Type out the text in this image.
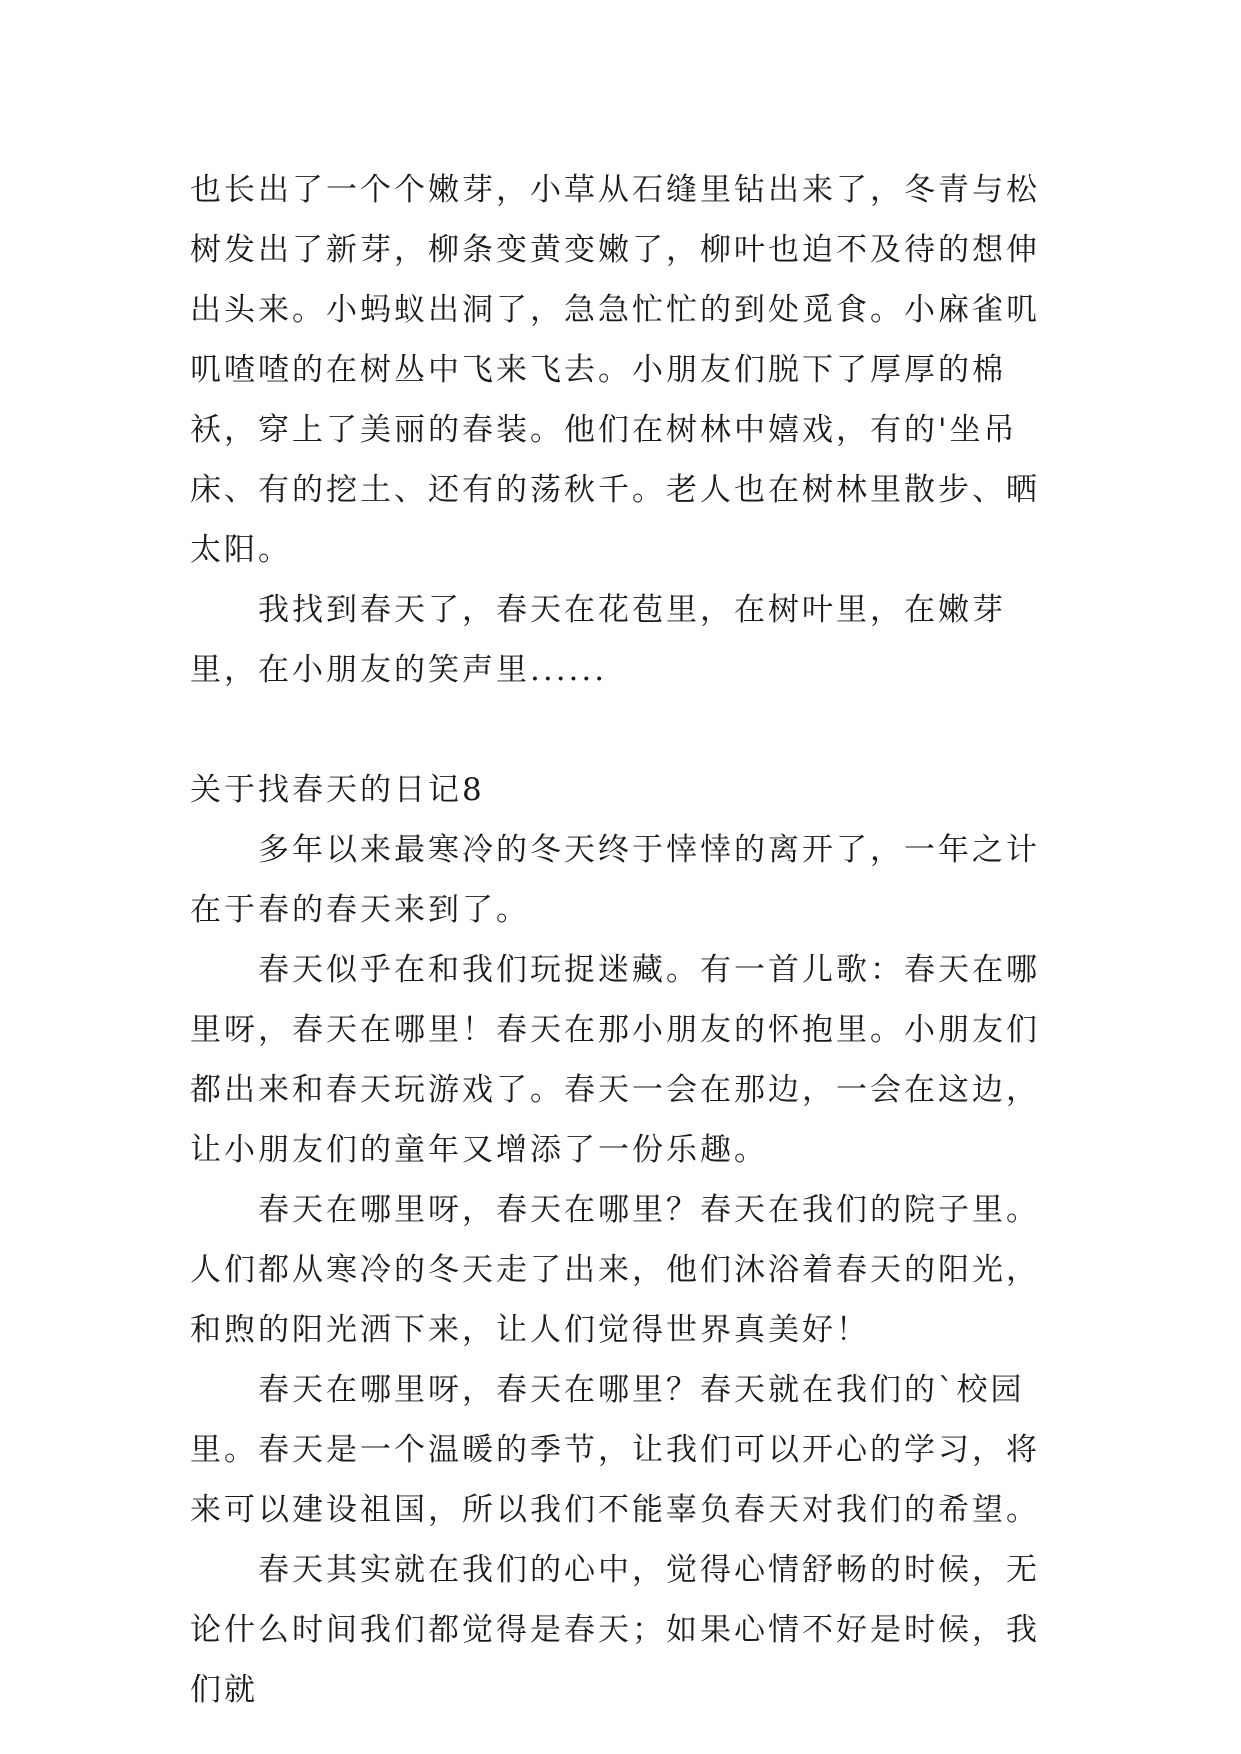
也长出了一个个嫩芽，小草从石缝里钻出来了，冬青与松树发出了新芽，柳条变黄变嫩了，柳叶也迫不及待的想伸出头来。小蚂蚁出洞了，急急忙忙的到处觅食。小麻雀叽叽喳喳的在树丛中飞来飞去。小朋友们脱下了厚厚的棉袄，穿上了美丽的春装。他们在树林中嬉戏，有的'坐吊床、有的挖土、还有的荡秋千。老人也在树林里散步、晒太阳。

我找到春天了，春天在花苞里，在树叶里，在嫩芽里，在小朋友的笑声里......

关于找春天的日记8

多年以来最寒冷的冬天终于悻悻的离开了，一年之计在于春的春天来到了。

春天似乎在和我们玩捉迷藏。有一首儿歌：春天在哪里呀，春天在哪里！春天在那小朋友的怀抱里。小朋友们都出来和春天玩游戏了。春天一会在那边，一会在这边，让小朋友们的童年又增添了一份乐趣。

春天在哪里呀，春天在哪里？春天在我们的院子里。人们都从寒冷的冬天走了出来，他们沐浴着春天的阳光，和煦的阳光洒下来，让人们觉得世界真美好！

春天在哪里呀，春天在哪里？春天就在我们的`校园里。春天是一个温暖的季节，让我们可以开心的学习，将来可以建设祖国，所以我们不能辜负春天对我们的希望。

春天其实就在我们的心中，觉得心情舒畅的时候，无论什么时间我们都觉得是春天；如果心情不好是时候，我们就
